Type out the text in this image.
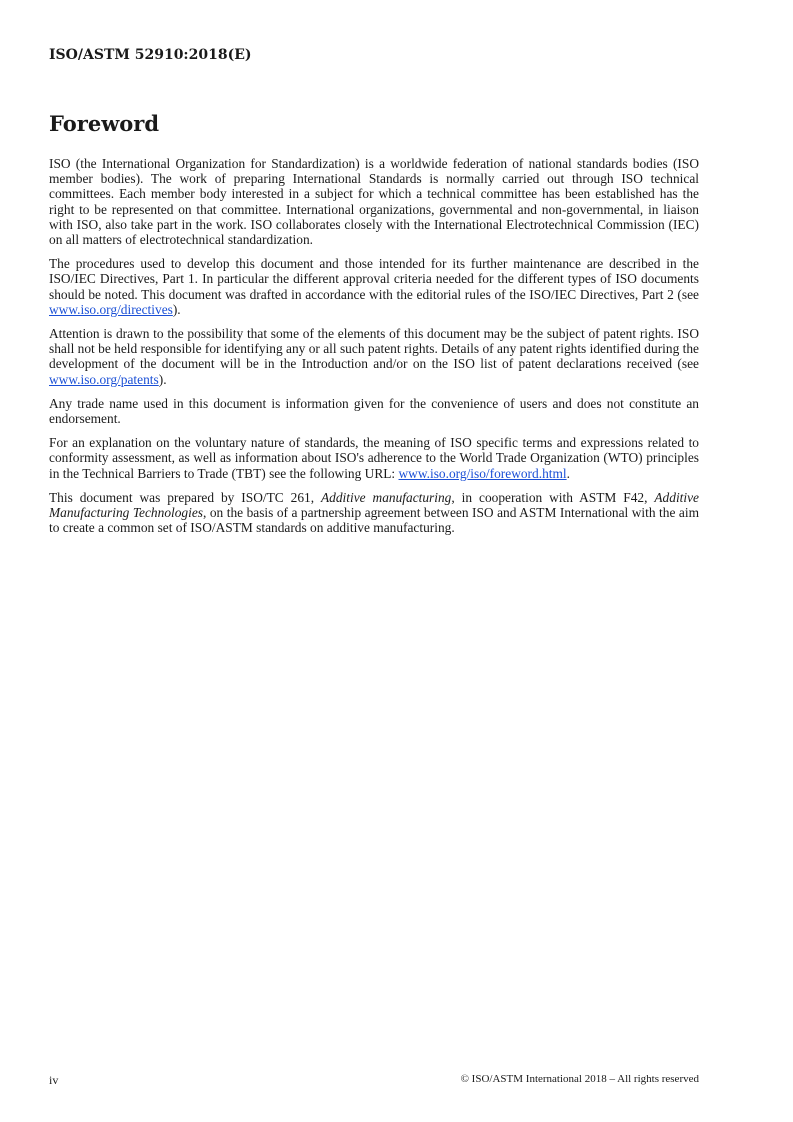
ISO/ASTM 52910:2018(E)
Foreword

ISO (the International Organization for Standardization) is a worldwide federation of national standards bodies (ISO member bodies). The work of preparing International Standards is normally carried out through ISO technical committees. Each member body interested in a subject for which a technical committee has been established has the right to be represented on that committee. International organizations, governmental and non-governmental, in liaison with ISO, also take part in the work. ISO collaborates closely with the International Electrotechnical Commission (IEC) on all matters of electrotechnical standardization.

The procedures used to develop this document and those intended for its further maintenance are described in the ISO/IEC Directives, Part 1. In particular the different approval criteria needed for the different types of ISO documents should be noted. This document was drafted in accordance with the editorial rules of the ISO/IEC Directives, Part 2 (see www.iso.org/directives).

Attention is drawn to the possibility that some of the elements of this document may be the subject of patent rights. ISO shall not be held responsible for identifying any or all such patent rights. Details of any patent rights identified during the development of the document will be in the Introduction and/or on the ISO list of patent declarations received (see www.iso.org/patents).

Any trade name used in this document is information given for the convenience of users and does not constitute an endorsement.

For an explanation on the voluntary nature of standards, the meaning of ISO specific terms and expressions related to conformity assessment, as well as information about ISO's adherence to the World Trade Organization (WTO) principles in the Technical Barriers to Trade (TBT) see the following URL: www.iso.org/iso/foreword.html.

This document was prepared by ISO/TC 261, Additive manufacturing, in cooperation with ASTM F42, Additive Manufacturing Technologies, on the basis of a partnership agreement between ISO and ASTM International with the aim to create a common set of ISO/ASTM standards on additive manufacturing.

iv	© ISO/ASTM International 2018 – All rights reserved
